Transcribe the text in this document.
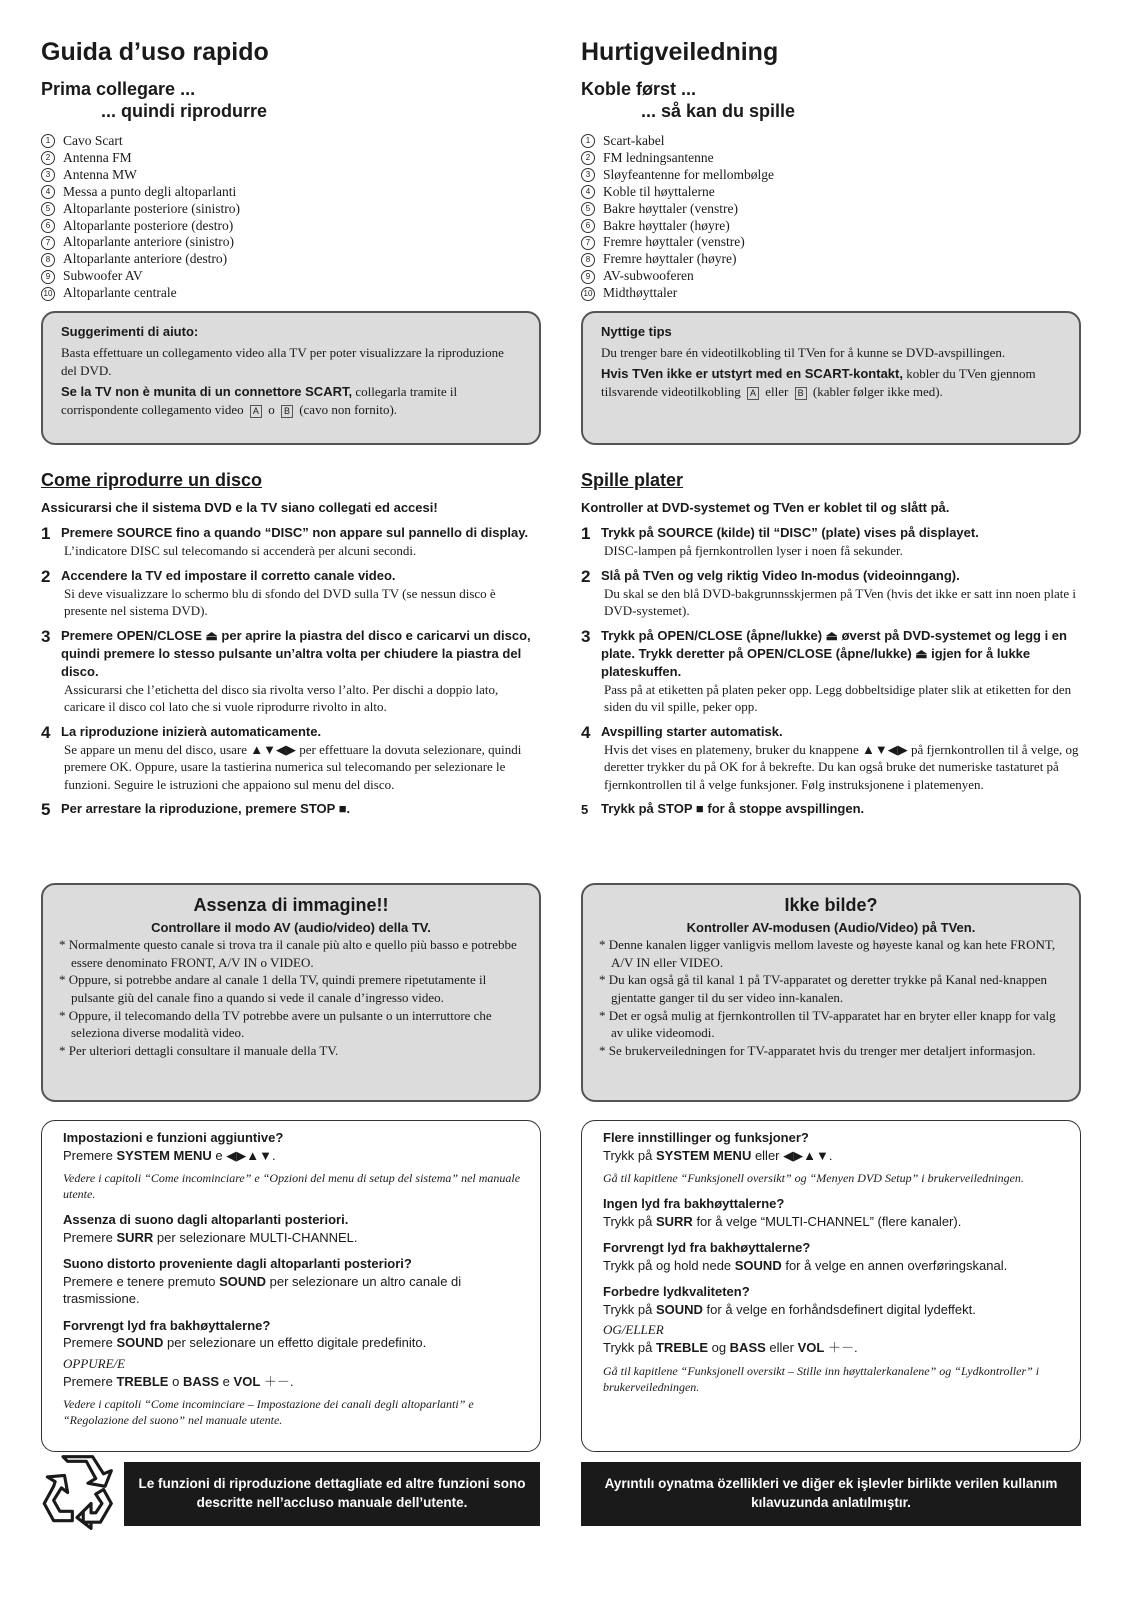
Guida d’uso rapido
Prima collegare ...
... quindi riprodurre
1 Cavo Scart
2 Antenna FM
3 Antenna MW
4 Messa a punto degli altoparlanti
5 Altoparlante posteriore (sinistro)
6 Altoparlante posteriore (destro)
7 Altoparlante anteriore (sinistro)
8 Altoparlante anteriore (destro)
9 Subwoofer AV
10 Altoparlante centrale

Suggerimenti di aiuto:

Basta effettuare un collegamento video alla TV per poter visualizzare la riproduzione del DVD.

Se la TV non è munita di un connettore SCART, collegarla tramite il corrispondente collegamento video A o B (cavo non fornito).

Come riprodurre un disco
Assicurarsi che il sistema DVD e la TV siano collegati ed accesi!
1 Premere SOURCE fino a quando “DISC” non appare sul pannello di display.
L’indicatore DISC sul telecomando si accenderà per alcuni secondi.
2 Accendere la TV ed impostare il corretto canale video.
Si deve visualizzare lo schermo blu di sfondo del DVD sulla TV (se nessun disco è presente nel sistema DVD).
3 Premere OPEN/CLOSE ⏏ per aprire la piastra del disco e caricarvi un disco, quindi premere lo stesso pulsante un’altra volta per chiudere la piastra del disco.
Assicurarsi che l’etichetta del disco sia rivolta verso l’alto. Per dischi a doppio lato, caricare il disco col lato che si vuole riprodurre rivolto in alto.
4 La riproduzione inizierà automaticamente.
Se appare un menu del disco, usare ▲▼◀▶ per effettuare la dovuta selezionare, quindi premere OK. Oppure, usare la tastierina numerica sul telecomando per selezionare le funzioni. Seguire le istruzioni che appaiono sul menu del disco.
5 Per arrestare la riproduzione, premere STOP ■.

Assenza di immagine!!

Controllare il modo AV (audio/video) della TV.

* Normalmente questo canale si trova tra il canale più alto e quello più basso e potrebbe essere denominato FRONT, A/V IN o VIDEO.
* Oppure, si potrebbe andare al canale 1 della TV, quindi premere ripetutamente il pulsante giù del canale fino a quando si vede il canale d’ingresso video.
* Oppure, il telecomando della TV potrebbe avere un pulsante o un interruttore che seleziona diverse modalità video.
* Per ulteriori dettagli consultare il manuale della TV.

Impostazioni e funzioni aggiuntive?

Premere SYSTEM MENU e ◀▶▲▼.

Vedere i capitoli “Come incominciare” e “Opzioni del menu di setup del sistema” nel manuale utente.

Assenza di suono dagli altoparlanti posteriori.

Premere SURR per selezionare MULTI-CHANNEL.

Suono distorto proveniente dagli altoparlanti posteriori?

Premere e tenere premuto SOUND per selezionare un altro canale di trasmissione.

Forvrengt lyd fra bakhøyttalerne?

Premere SOUND per selezionare un effetto digitale predefinito.

OPPURE/E

Premere TREBLE o BASS e VOL ＋－.

Vedere i capitoli “Come incominciare – Impostazione dei canali degli altoparlanti” e “Regolazione del suono” nel manuale utente.

Hurtigveiledning
Koble først ...
... så kan du spille
1 Scart-kabel
2 FM ledningsantenne
3 Sløyfeantenne for mellombølge
4 Koble til høyttalerne
5 Bakre høyttaler (venstre)
6 Bakre høyttaler (høyre)
7 Fremre høyttaler (venstre)
8 Fremre høyttaler (høyre)
9 AV-subwooferen
10 Midthøyttaler

Nyttige tips

Du trenger bare én videotilkobling til TVen for å kunne se DVD-avspillingen.

Hvis TVen ikke er utstyrt med en SCART-kontakt, kobler du TVen gjennom tilsvarende videotilkobling A eller B (kabler følger ikke med).

Spille plater
Kontroller at DVD-systemet og TVen er koblet til og slått på.
1 Trykk på SOURCE (kilde) til “DISC” (plate) vises på displayet.
DISC-lampen på fjernkontrollen lyser i noen få sekunder.
2 Slå på TVen og velg riktig Video In-modus (videoinngang).
Du skal se den blå DVD-bakgrunnsskjermen på TVen (hvis det ikke er satt inn noen plate i DVD-systemet).
3 Trykk på OPEN/CLOSE (åpne/lukke) ⏏ øverst på DVD-systemet og legg i en plate. Trykk deretter på OPEN/CLOSE (åpne/lukke) ⏏ igjen for å lukke plateskuffen.
Pass på at etiketten på platen peker opp. Legg dobbeltsidige plater slik at etiketten for den siden du vil spille, peker opp.
4 Avspilling starter automatisk.
Hvis det vises en platemeny, bruker du knappene ▲▼◀▶ på fjernkontrollen til å velge, og deretter trykker du på OK for å bekrefte. Du kan også bruke det numeriske tastaturet på fjernkontrollen til å velge funksjoner. Følg instruksjonene i platemenyen.
5 Trykk på STOP ■ for å stoppe avspillingen.

Ikke bilde?

Kontroller AV-modusen (Audio/Video) på TVen.

* Denne kanalen ligger vanligvis mellom laveste og høyeste kanal og kan hete FRONT, A/V IN eller VIDEO.
* Du kan også gå til kanal 1 på TV-apparatet og deretter trykke på Kanal ned-knappen gjentatte ganger til du ser video inn-kanalen.
* Det er også mulig at fjernkontrollen til TV-apparatet har en bryter eller knapp for valg av ulike videomodi.
* Se brukerveiledningen for TV-apparatet hvis du trenger mer detaljert informasjon.

Flere innstillinger og funksjoner?

Trykk på SYSTEM MENU eller ◀▶▲▼.

Gå til kapitlene “Funksjonell oversikt” og “Menyen DVD Setup” i brukerveiledningen.

Ingen lyd fra bakhøyttalerne?

Trykk på SURR for å velge “MULTI-CHANNEL” (flere kanaler).

Forvrengt lyd fra bakhøyttalerne?

Trykk på og hold nede SOUND for å velge en annen overføringskanal.

Forbedre lydkvaliteten?

Trykk på SOUND for å velge en forhåndsdefinert digital lydeffekt.

OG/ELLER

Trykk på TREBLE og BASS eller VOL ＋－.

Gå til kapitlene “Funksjonell oversikt – Stille inn høyttalerkanalene” og “Lydkontroller” i brukerveiledningen.

Le funzioni di riproduzione dettagliate ed altre funzioni sono descritte nell’accluso manuale dell’utente.
Ayrıntılı oynatma özellikleri ve diğer ek işlevler birlikte verilen kullanım kılavuzunda anlatılmıştır.
